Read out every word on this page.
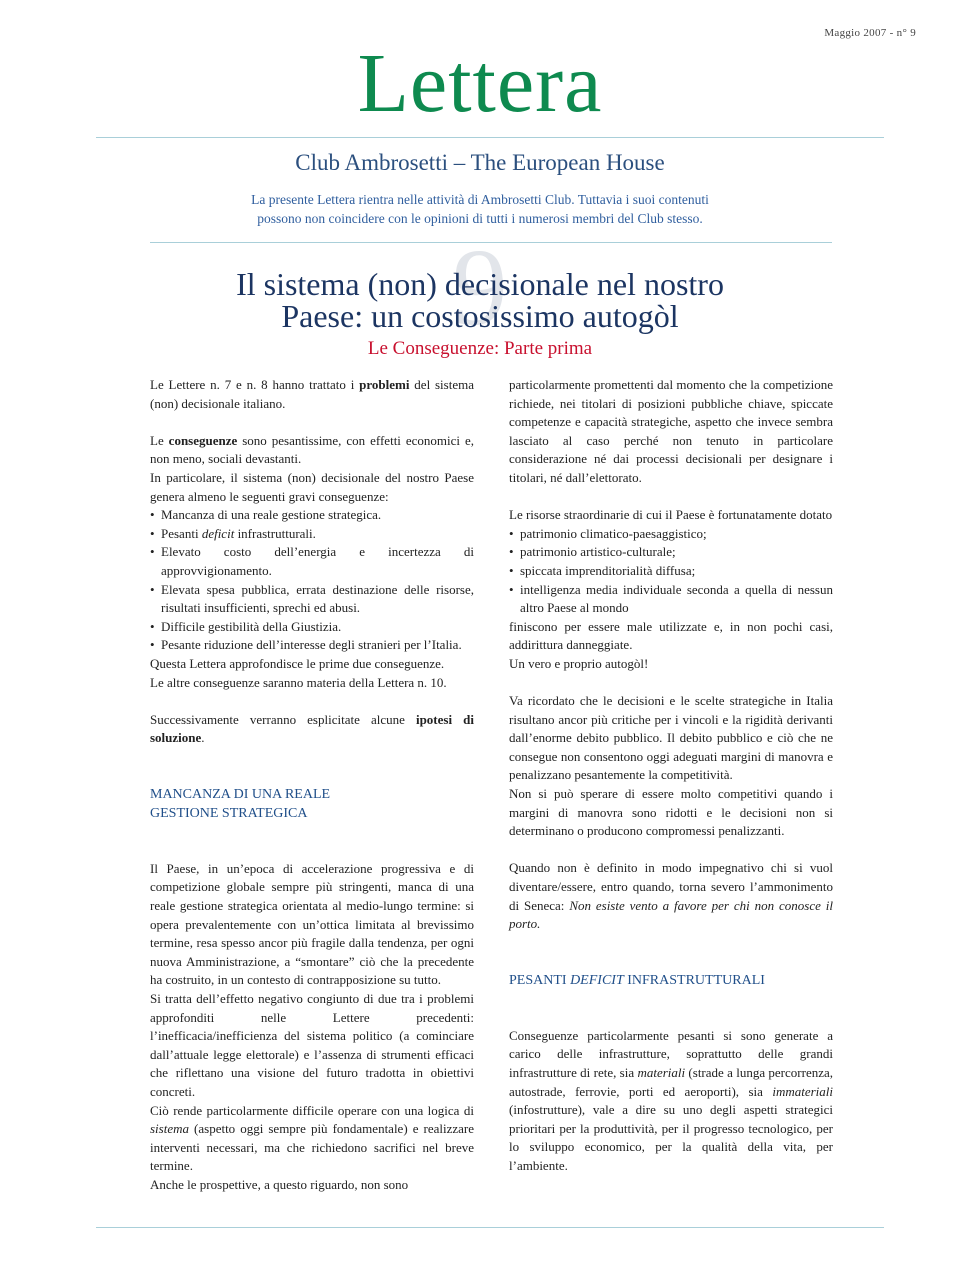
Maggio 2007 - n° 9
Lettera
Club Ambrosetti – The European House
La presente Lettera rientra nelle attività di Ambrosetti Club. Tuttavia i suoi contenuti
possono non coincidere con le opinioni di tutti i numerosi membri del Club stesso.
9
Il sistema (non) decisionale nel nostro
Paese: un costosissimo autogòl
Le Conseguenze: Parte prima

Le Lettere n. 7 e n. 8 hanno trattato i problemi del sistema (non) decisionale italiano.

Le conseguenze sono pesantissime, con effetti economici e, non meno, sociali devastanti.

In particolare, il sistema (non) decisionale del nostro Paese genera almeno le seguenti gravi conseguenze:

• Mancanza di una reale gestione strategica.

• Pesanti deficit infrastrutturali.

• Elevato costo dell’energia e incertezza di approvvigionamento.

• Elevata spesa pubblica, errata destinazione delle risorse, risultati insufficienti, sprechi ed abusi.

• Difficile gestibilità della Giustizia.

• Pesante riduzione dell’interesse degli stranieri per l’Italia.

Questa Lettera approfondisce le prime due conseguenze.

Le altre conseguenze saranno materia della Lettera n. 10.

Successivamente verranno esplicitate alcune ipotesi di soluzione.

MANCANZA DI UNA REALE
GESTIONE STRATEGICA

Il Paese, in un’epoca di accelerazione progressiva e di competizione globale sempre più stringenti, manca di una reale gestione strategica orientata al medio-lungo termine: si opera prevalentemente con un’ottica limitata al brevissimo termine, resa spesso ancor più fragile dalla tendenza, per ogni nuova Amministrazione, a “smontare” ciò che la precedente ha costruito, in un contesto di contrapposizione su tutto.

Si tratta dell’effetto negativo congiunto di due tra i problemi approfonditi nelle Lettere precedenti: l’inefficacia/inefficienza del sistema politico (a cominciare dall’attuale legge elettorale) e l’assenza di strumenti efficaci che riflettano una visione del futuro tradotta in obiettivi concreti.

Ciò rende particolarmente difficile operare con una logica di sistema (aspetto oggi sempre più fondamentale) e realizzare interventi necessari, ma che richiedono sacrifici nel breve termine.

Anche le prospettive, a questo riguardo, non sono

particolarmente promettenti dal momento che la competizione richiede, nei titolari di posizioni pubbliche chiave, spiccate competenze e capacità strategiche, aspetto che invece sembra lasciato al caso perché non tenuto in particolare considerazione né dai processi decisionali per designare i titolari, né dall’elettorato.

Le risorse straordinarie di cui il Paese è fortunatamente dotato

• patrimonio climatico-paesaggistico;

• patrimonio artistico-culturale;

• spiccata imprenditorialità diffusa;

• intelligenza media individuale seconda a quella di nessun altro Paese al mondo

finiscono per essere male utilizzate e, in non pochi casi, addirittura danneggiate.

Un vero e proprio autogòl!

Va ricordato che le decisioni e le scelte strategiche in Italia risultano ancor più critiche per i vincoli e la rigidità derivanti dall’enorme debito pubblico. Il debito pubblico e ciò che ne consegue non consentono oggi adeguati margini di manovra e penalizzano pesantemente la competitività.

Non si può sperare di essere molto competitivi quando i margini di manovra sono ridotti e le decisioni non si determinano o producono compromessi penalizzanti.

Quando non è definito in modo impegnativo chi si vuol diventare/essere, entro quando, torna severo l’ammonimento di Seneca: Non esiste vento a favore per chi non conosce il porto.

PESANTI DEFICIT INFRASTRUTTURALI

Conseguenze particolarmente pesanti si sono generate a carico delle infrastrutture, soprattutto delle grandi infrastrutture di rete, sia materiali (strade a lunga percorrenza, autostrade, ferrovie, porti ed aeroporti), sia immateriali (infostrutture), vale a dire su uno degli aspetti strategici prioritari per la produttività, per il progresso tecnologico, per lo sviluppo economico, per la qualità della vita, per l’ambiente.
